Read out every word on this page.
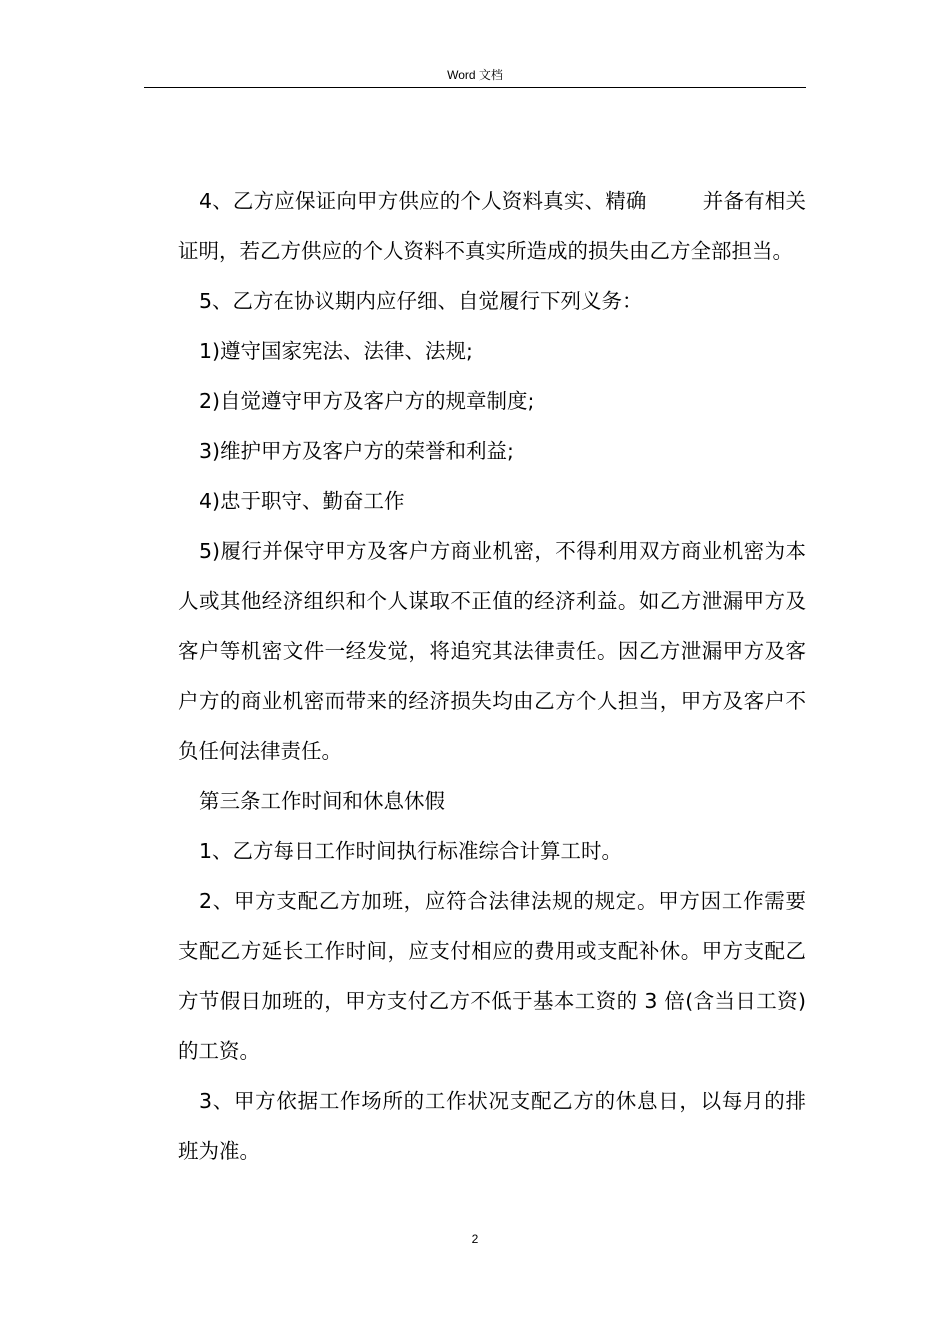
Word 文档

4、乙方应保证向甲方供应的个人资料真实、精确	并备有相关证明，若乙方供应的个人资料不真实所造成的损失由乙方全部担当。

5、乙方在协议期内应仔细、自觉履行下列义务：

1)遵守国家宪法、法律、法规;

2)自觉遵守甲方及客户方的规章制度;

3)维护甲方及客户方的荣誉和利益;

4)忠于职守、勤奋工作

5)履行并保守甲方及客户方商业机密，不得利用双方商业机密为本人或其他经济组织和个人谋取不正值的经济利益。如乙方泄漏甲方及客户等机密文件一经发觉，将追究其法律责任。因乙方泄漏甲方及客户方的商业机密而带来的经济损失均由乙方个人担当，甲方及客户不负任何法律责任。

第三条工作时间和休息休假

1、乙方每日工作时间执行标准综合计算工时。

2、甲方支配乙方加班，应符合法律法规的规定。甲方因工作需要支配乙方延长工作时间，应支付相应的费用或支配补休。甲方支配乙方节假日加班的，甲方支付乙方不低于基本工资的 3 倍(含当日工资)的工资。

3、甲方依据工作场所的工作状况支配乙方的休息日，以每月的排班为准。

2
